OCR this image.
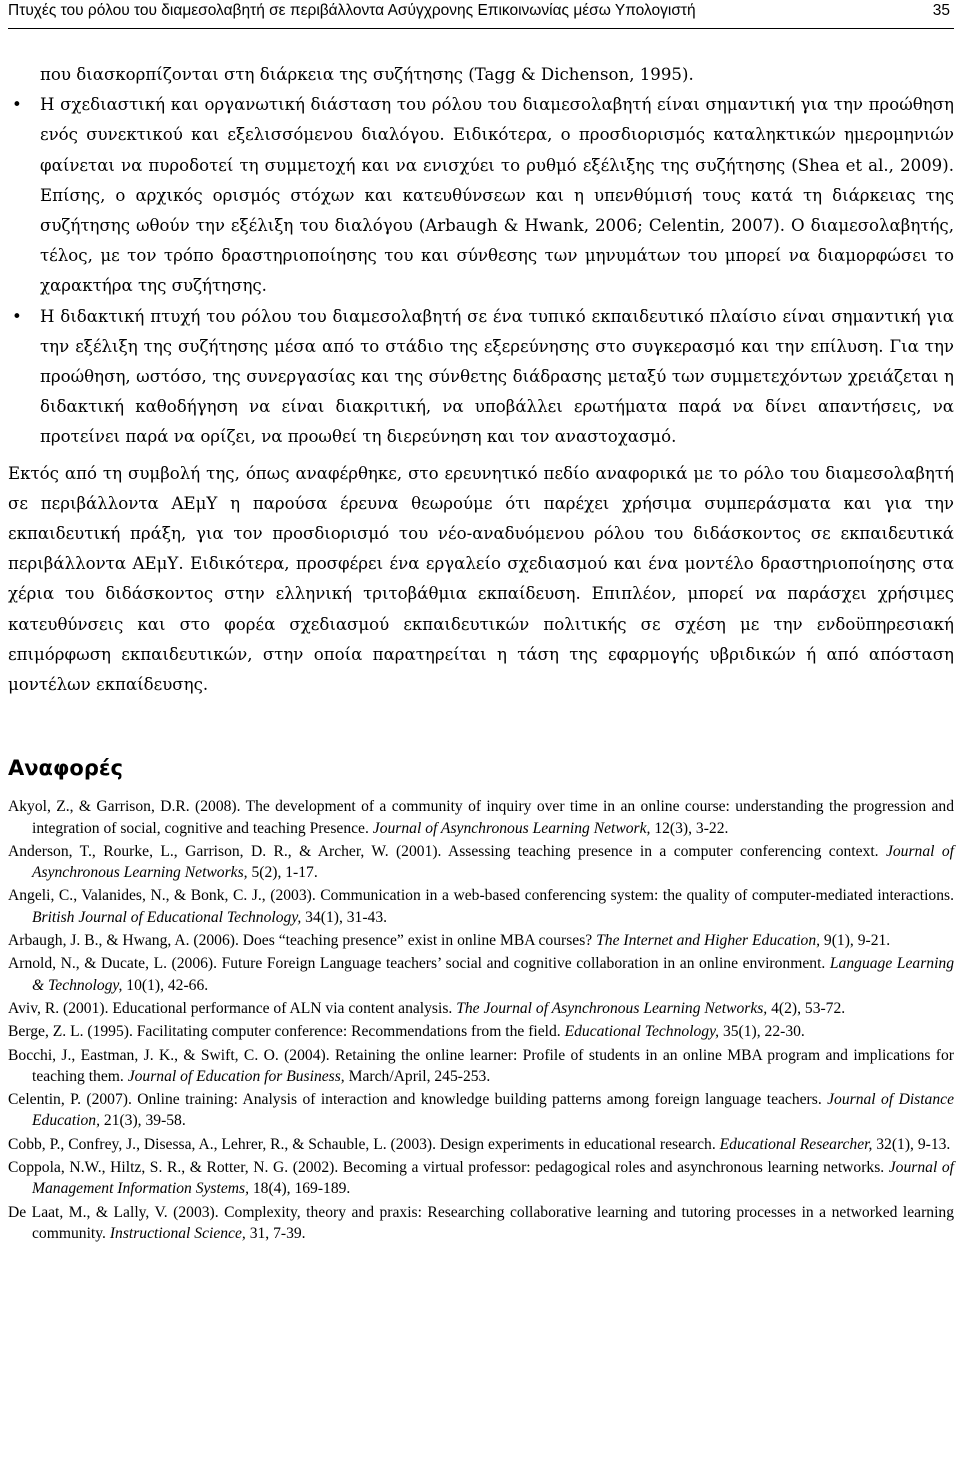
Πτυχές του ρόλου του διαμεσολαβητή σε περιβάλλοντα Ασύγχρονης Επικοινωνίας μέσω Υπολογιστή	35
που διασκορπίζονται στη διάρκεια της συζήτησης (Tagg & Dichenson, 1995).
• Η σχεδιαστική και οργανωτική διάσταση του ρόλου του διαμεσολαβητή είναι σημαντική για την προώθηση ενός συνεκτικού και εξελισσόμενου διαλόγου. Ειδικότερα, ο προσδιορισμός καταληκτικών ημερομηνιών φαίνεται να πυροδοτεί τη συμμετοχή και να ενισχύει το ρυθμό εξέλιξης της συζήτησης (Shea et al., 2009). Επίσης, ο αρχικός ορισμός στόχων και κατευθύνσεων και η υπενθύμισή τους κατά τη διάρκειας της συζήτησης ωθούν την εξέλιξη του διαλόγου (Arbaugh & Hwank, 2006; Celentin, 2007). Ο διαμεσολαβητής, τέλος, με τον τρόπο δραστηριοποίησης του και σύνθεσης των μηνυμάτων του μπορεί να διαμορφώσει το χαρακτήρα της συζήτησης.
• Η διδακτική πτυχή του ρόλου του διαμεσολαβητή σε ένα τυπικό εκπαιδευτικό πλαίσιο είναι σημαντική για την εξέλιξη της συζήτησης μέσα από το στάδιο της εξερεύνησης στο συγκερασμό και την επίλυση. Για την προώθηση, ωστόσο, της συνεργασίας και της σύνθετης διάδρασης μεταξύ των συμμετεχόντων χρειάζεται η διδακτική καθοδήγηση να είναι διακριτική, να υποβάλλει ερωτήματα παρά να δίνει απαντήσεις, να προτείνει παρά να ορίζει, να προωθεί τη διερεύνηση και τον αναστοχασμό.

Εκτός από τη συμβολή της, όπως αναφέρθηκε, στο ερευνητικό πεδίο αναφορικά με το ρόλο του διαμεσολαβητή σε περιβάλλοντα ΑΕμΥ η παρούσα έρευνα θεωρούμε ότι παρέχει χρήσιμα συμπεράσματα και για την εκπαιδευτική πράξη, για τον προσδιορισμό του νέο-αναδυόμενου ρόλου του διδάσκοντος σε εκπαιδευτικά περιβάλλοντα ΑΕμΥ. Ειδικότερα, προσφέρει ένα εργαλείο σχεδιασμού και ένα μοντέλο δραστηριοποίησης στα χέρια του διδάσκοντος στην ελληνική τριτοβάθμια εκπαίδευση. Επιπλέον, μπορεί να παράσχει χρήσιμες κατευθύνσεις και στο φορέα σχεδιασμού εκπαιδευτικών πολιτικής σε σχέση με την ενδοϋπηρεσιακή επιμόρφωση εκπαιδευτικών, στην οποία παρατηρείται η τάση της εφαρμογής υβριδικών ή από απόσταση μοντέλων εκπαίδευσης.

Αναφορές

Akyol, Z., & Garrison, D.R. (2008). The development of a community of inquiry over time in an online course: understanding the progression and integration of social, cognitive and teaching Presence. Journal of Asynchronous Learning Network, 12(3), 3-22.

Anderson, T., Rourke, L., Garrison, D. R., & Archer, W. (2001). Assessing teaching presence in a computer conferencing context. Journal of Asynchronous Learning Networks, 5(2), 1-17.

Angeli, C., Valanides, N., & Bonk, C. J., (2003). Communication in a web-based conferencing system: the quality of computer-mediated interactions. British Journal of Educational Technology, 34(1), 31-43.

Arbaugh, J. B., & Hwang, A. (2006). Does “teaching presence” exist in online MBA courses? The Internet and Higher Education, 9(1), 9-21.

Arnold, N., & Ducate, L. (2006). Future Foreign Language teachers’ social and cognitive collaboration in an online environment. Language Learning & Technology, 10(1), 42-66.

Aviv, R. (2001). Educational performance of ALN via content analysis. The Journal of Asynchronous Learning Networks, 4(2), 53-72.

Berge, Z. L. (1995). Facilitating computer conference: Recommendations from the field. Educational Technology, 35(1), 22-30.

Bocchi, J., Eastman, J. K., & Swift, C. O. (2004). Retaining the online learner: Profile of students in an online MBA program and implications for teaching them. Journal of Education for Business, March/April, 245-253.

Celentin, P. (2007). Online training: Analysis of interaction and knowledge building patterns among foreign language teachers. Journal of Distance Education, 21(3), 39-58.

Cobb, P., Confrey, J., Disessa, A., Lehrer, R., & Schauble, L. (2003). Design experiments in educational research. Educational Researcher, 32(1), 9-13.

Coppola, N.W., Hiltz, S. R., & Rotter, N. G. (2002). Becoming a virtual professor: pedagogical roles and asynchronous learning networks. Journal of Management Information Systems, 18(4), 169-189.

De Laat, M., & Lally, V. (2003). Complexity, theory and praxis: Researching collaborative learning and tutoring processes in a networked learning community. Instructional Science, 31, 7-39.
